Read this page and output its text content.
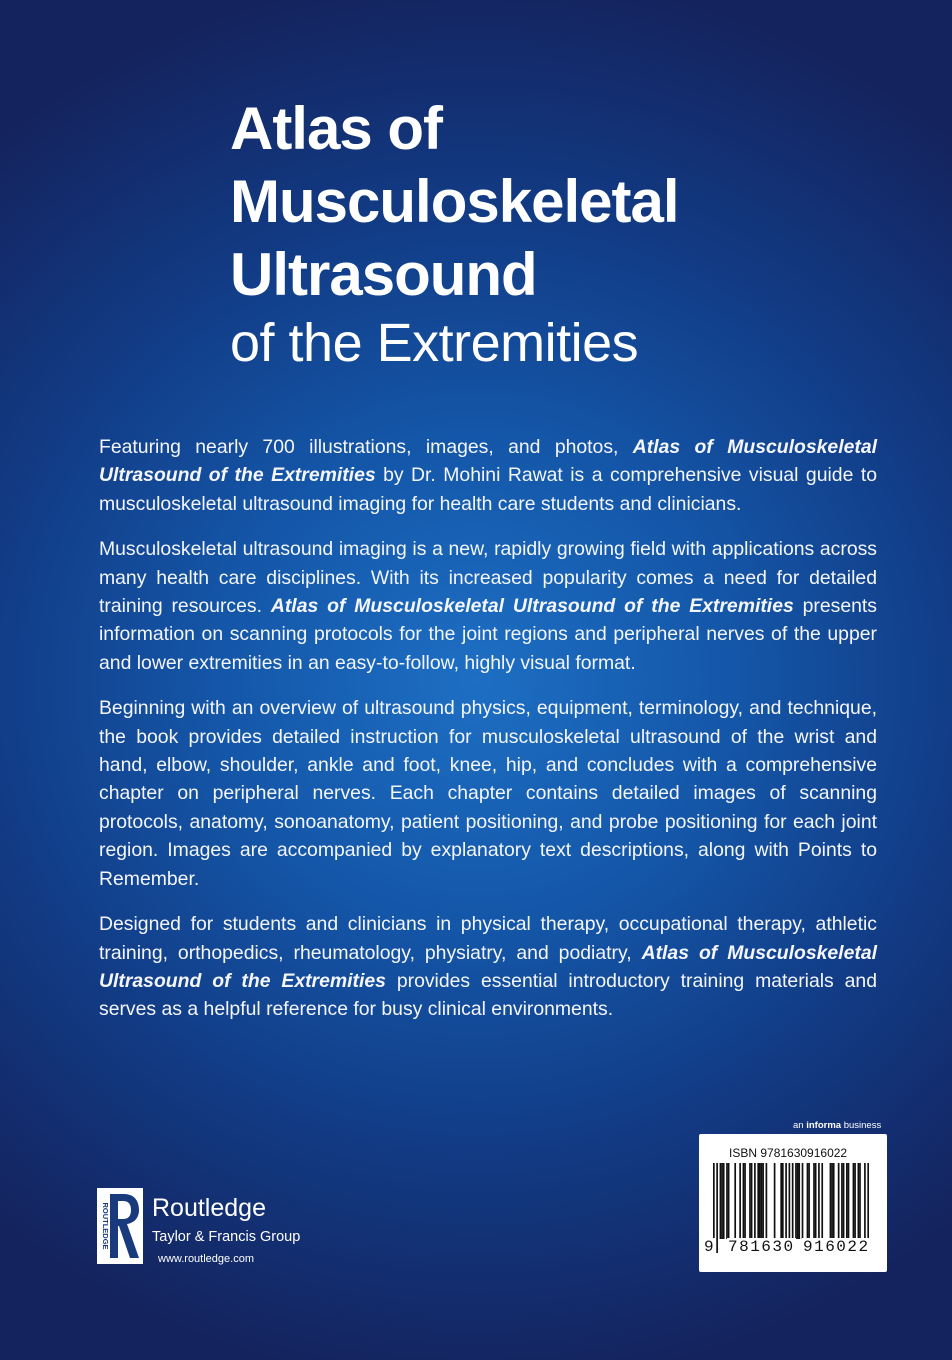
Atlas of
Musculoskeletal
Ultrasound
of the Extremities

Featuring nearly 700 illustrations, images, and photos, Atlas of Musculoskeletal Ultrasound of the Extremities by Dr. Mohini Rawat is a comprehensive visual guide to musculoskeletal ultrasound imaging for health care students and clinicians.

Musculoskeletal ultrasound imaging is a new, rapidly growing field with applications across many health care disciplines. With its increased popularity comes a need for detailed training resources. Atlas of Musculoskeletal Ultrasound of the Extremities presents information on scanning protocols for the joint regions and peripheral nerves of the upper and lower extremities in an easy-to-follow, highly visual format.

Beginning with an overview of ultrasound physics, equipment, terminology, and technique, the book provides detailed instruction for musculoskeletal ultrasound of the wrist and hand, elbow, shoulder, ankle and foot, knee, hip, and concludes with a comprehensive chapter on peripheral nerves. Each chapter contains detailed images of scanning protocols, anatomy, sonoanatomy, patient positioning, and probe positioning for each joint region. Images are accompanied by explanatory text descriptions, along with Points to Remember.

Designed for students and clinicians in physical therapy, occupational therapy, athletic training, orthopedics, rheumatology, physiatry, and podiatry, Atlas of Musculoskeletal Ultrasound of the Extremities provides essential introductory training materials and serves as a helpful reference for busy clinical environments.

ROUTLEDGE Routledge
Taylor & Francis Group
www.routledge.com
an informa business
ISBN 9781630916022
9 781630 916022
